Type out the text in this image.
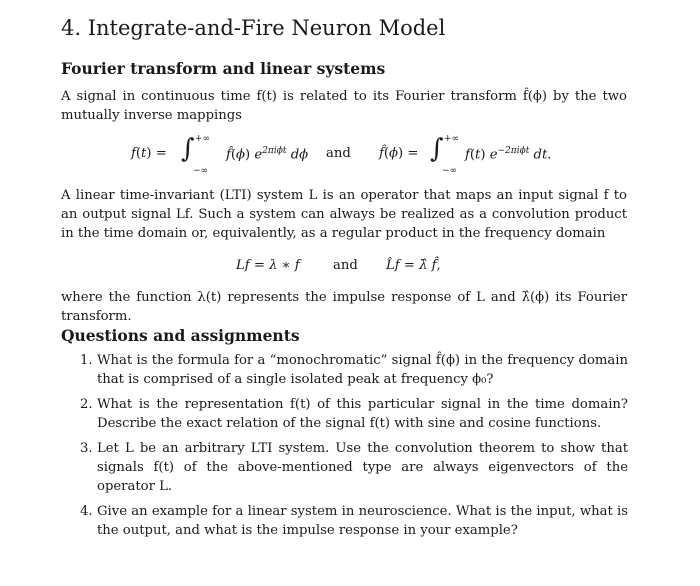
4. Integrate-and-Fire Neuron Model
Fourier transform and linear systems
A signal in continuous time f(t) is related to its Fourier transform f̂(ϕ) by the two mutually inverse mappings
f(t) = ∫ +∞
−∞
f̂(ϕ) $e^{2\pi i\phi t}$ dϕ and f̂(ϕ) = ∫ +∞
−∞
f(t) $e^{-2\pi i\phi t}$ dt.
A linear time-invariant (LTI) system L is an operator that maps an input signal f to an output signal Lf. Such a system can always be realized as a convolution product in the time domain or, equivalently, as a regular product in the frequency domain
Lf = λ ∗ f	and L̂f = λ̂ f̂,
where the function λ(t) represents the impulse response of L and λ̂(ϕ) its Fourier transform.
Questions and assignments
1. What is the formula for a “monochromatic” signal f̂(ϕ) in the frequency domain that is comprised of a single isolated peak at frequency ϕ₀?
2. What is the representation f(t) of this particular signal in the time domain? Describe the exact relation of the signal f(t) with sine and cosine functions.
3. Let L be an arbitrary LTI system. Use the convolution theorem to show that signals f(t) of the above-mentioned type are always eigenvectors of the operator L.
4. Give an example for a linear system in neuroscience. What is the input, what is the output, and what is the impulse response in your example?
